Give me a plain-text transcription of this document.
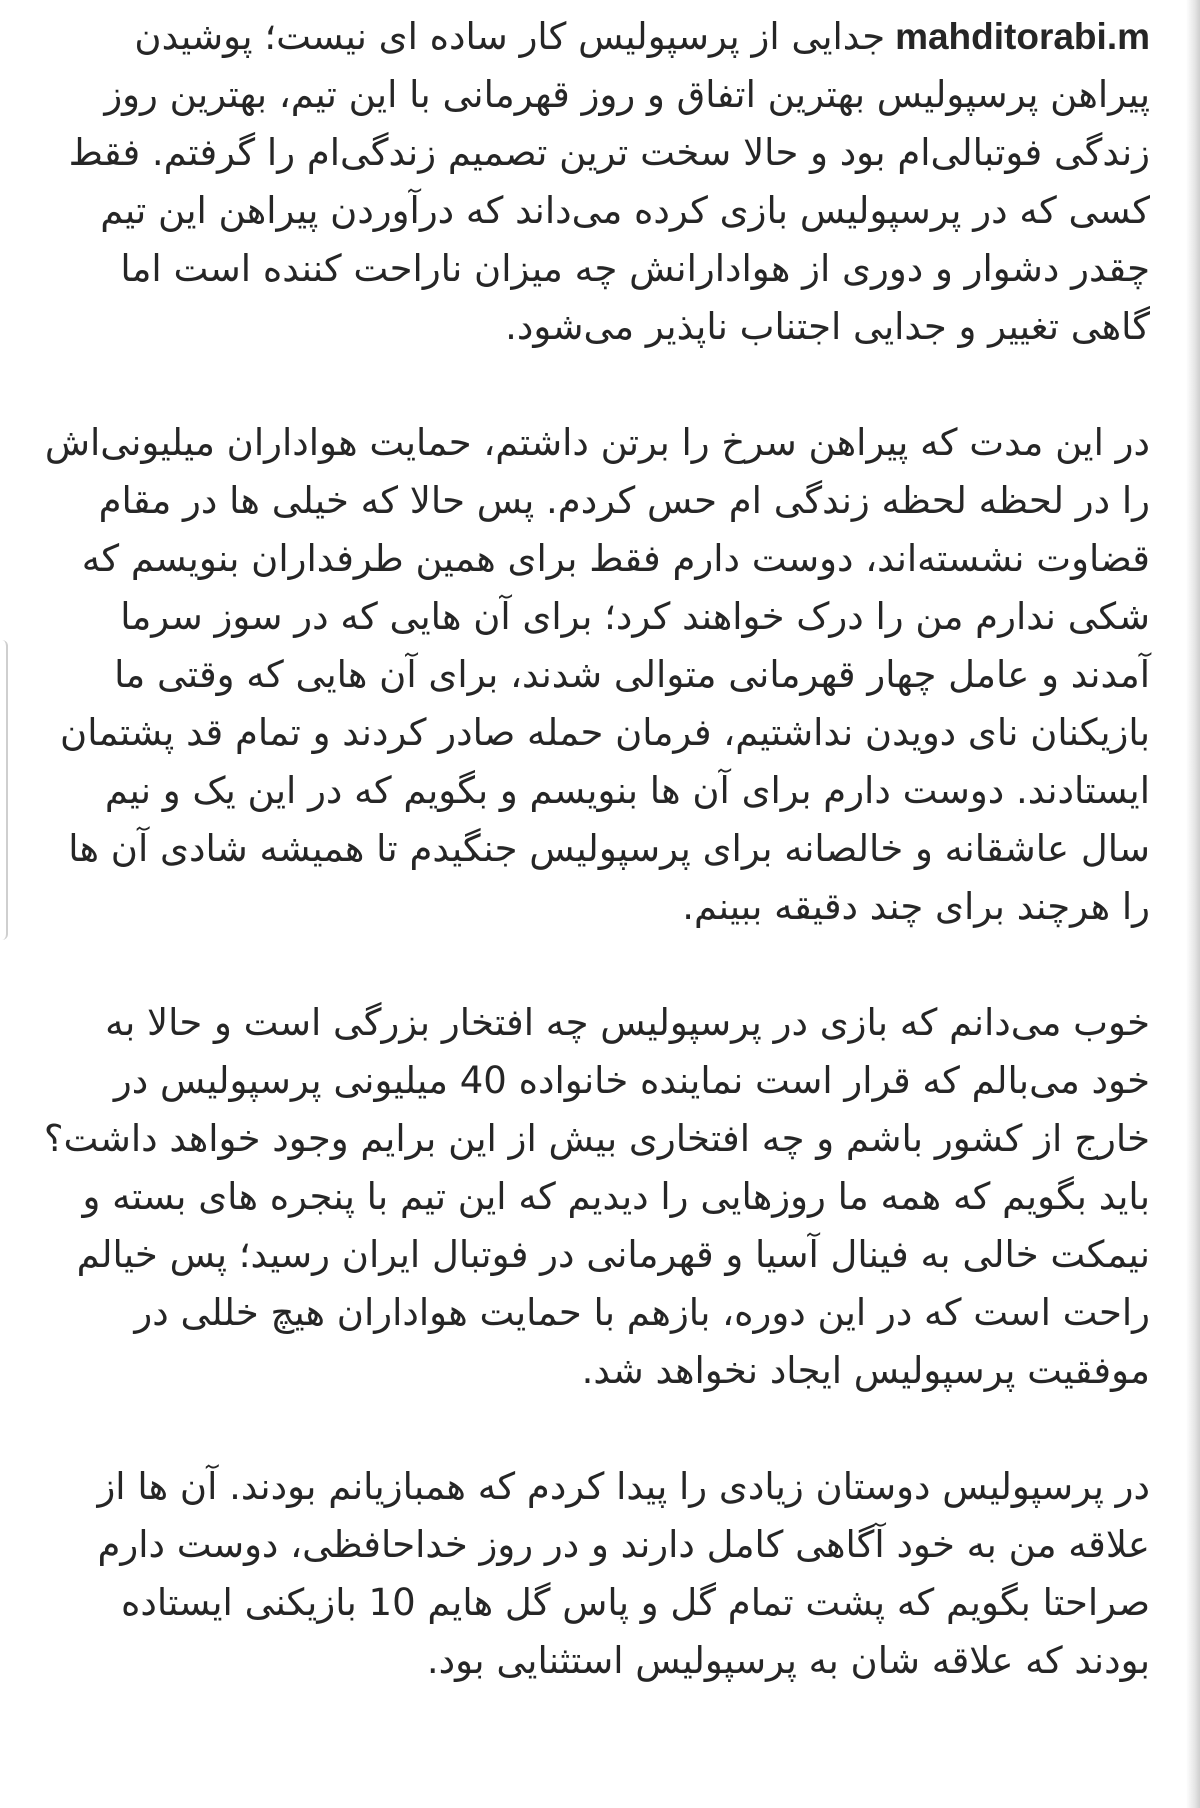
mahditorabi.mجدایی از پرسپولیس کار ساده ای نیست؛ پوشیدن پیراهن پرسپولیس بهترین اتفاق و روز قهرمانی با این تیم، بهترین روز زندگی فوتبالی‌ام بود و حالا سخت ترین تصمیم زندگی‌ام را گرفتم. فقط کسی که در پرسپولیس بازی کرده می‌داند که درآوردن پیراهن این تیم چقدر دشوار و دوری از هوادارانش چه میزان ناراحت کننده است اما گاهی تغییر و جدایی اجتناب ناپذیر می‌شود.

در این مدت که پیراهن سرخ را برتن داشتم، حمایت هواداران میلیونی‌اش را در لحظه لحظه زندگی ام حس کردم. پس حالا که خیلی ها در مقام قضاوت نشسته‌اند، دوست دارم فقط برای همین طرفداران بنویسم که شکی ندارم من را درک خواهند کرد؛ برای آن هایی که در سوز سرما آمدند و عامل چهار قهرمانی متوالی شدند، برای آن هایی که وقتی ما بازیکنان نای دویدن نداشتیم، فرمان حمله صادر کردند و تمام قد پشتمان ایستادند. دوست دارم برای آن ها بنویسم و بگویم که در این یک و نیم سال عاشقانه و خالصانه برای پرسپولیس جنگیدم تا همیشه شادی آن ها را هرچند برای چند دقیقه ببینم.

خوب می‌دانم که بازی در پرسپولیس چه افتخار بزرگی است و حالا به خود می‌بالم که قرار است نماینده خانواده 40 میلیونی پرسپولیس در خارج از کشور باشم و چه افتخاری بیش از این برایم وجود خواهد داشت؟ باید بگویم که همه ما روزهایی را دیدیم که این تیم با پنجره های بسته و نیمکت خالی به فینال آسیا و قهرمانی در فوتبال ایران رسید؛ پس خیالم راحت است که در این دوره، بازهم با حمایت هواداران هیچ خللی در موفقیت پرسپولیس ایجاد نخواهد شد.

در پرسپولیس دوستان زیادی را پیدا کردم که همبازیانم بودند. آن ها از علاقه من به خود آگاهی کامل دارند و در روز خداحافظی، دوست دارم صراحتا بگویم که پشت تمام گل و پاس گل هایم 10 بازیکنی ایستاده بودند که علاقه شان به پرسپولیس استثنایی بود.
